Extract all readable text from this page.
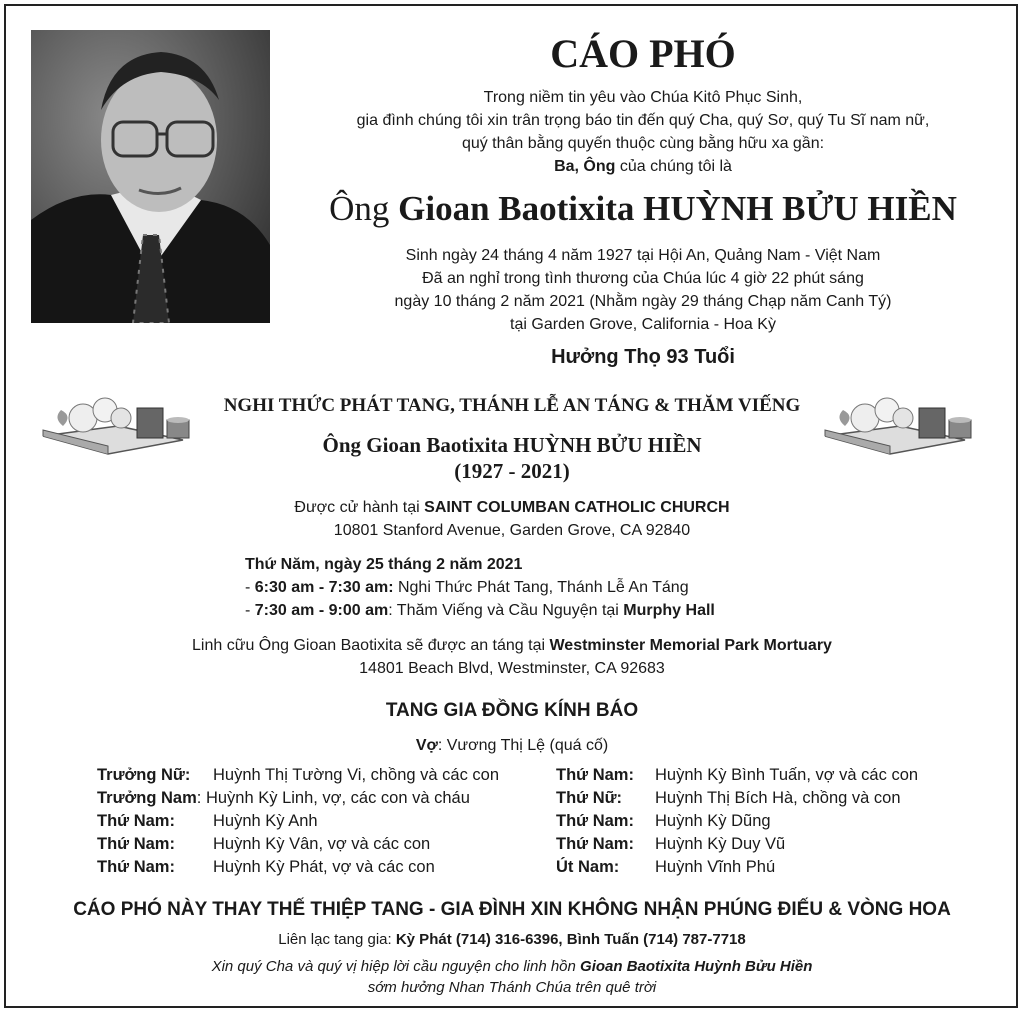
CÁO PHÓ
Trong niềm tin yêu vào Chúa Kitô Phục Sinh,
gia đình chúng tôi xin trân trọng báo tin đến quý Cha, quý Sơ, quý Tu Sĩ nam nữ,
quý thân bằng quyến thuộc cùng bằng hữu xa gần:
Ba, Ông của chúng tôi là
Ông Gioan Baotixita HUỲNH BỬU HIỀN
Sinh ngày 24 tháng 4 năm 1927 tại Hội An, Quảng Nam - Việt Nam
Đã an nghỉ trong tình thương của Chúa lúc 4 giờ 22 phút sáng
ngày 10 tháng 2 năm 2021 (Nhằm ngày 29 tháng Chạp năm Canh Tý)
tại Garden Grove, California - Hoa Kỳ
Hưởng Thọ 93 Tuổi
NGHI THỨC PHÁT TANG, THÁNH LỄ AN TÁNG & THĂM VIẾNG
Ông Gioan Baotixita HUỲNH BỬU HIỀN
(1927 - 2021)
Được cử hành tại SAINT COLUMBAN CATHOLIC CHURCH
10801 Stanford Avenue, Garden Grove, CA 92840
Thứ Năm, ngày 25 tháng 2 năm 2021
- 6:30 am - 7:30 am: Nghi Thức Phát Tang, Thánh Lễ An Táng
- 7:30 am - 9:00 am: Thăm Viếng và Cầu Nguyện tại Murphy Hall
Linh cữu Ông Gioan Baotixita sẽ được an táng tại Westminster Memorial Park Mortuary
14801 Beach Blvd, Westminster, CA 92683
TANG GIA ĐỒNG KÍNH BÁO
Vợ: Vương Thị Lệ (quá cố)
Trưởng Nữ: Huỳnh Thị Tường Vi, chồng và các con
Trưởng Nam: Huỳnh Kỳ Linh, vợ, các con và cháu
Thứ Nam: Huỳnh Kỳ Anh
Thứ Nam: Huỳnh Kỳ Vân, vợ và các con
Thứ Nam: Huỳnh Kỳ Phát, vợ và các con
Thứ Nam: Huỳnh Kỳ Bình Tuấn, vợ và các con
Thứ Nữ: Huỳnh Thị Bích Hà, chồng và con
Thứ Nam: Huỳnh Kỳ Dũng
Thứ Nam: Huỳnh Kỳ Duy Vũ
Út Nam: Huỳnh Vĩnh Phú
CÁO PHÓ NÀY THAY THẾ THIỆP TANG - GIA ĐÌNH XIN KHÔNG NHẬN PHÚNG ĐIẾU & VÒNG HOA
Liên lạc tang gia: Kỳ Phát (714) 316-6396, Bình Tuấn (714) 787-7718
Xin quý Cha và quý vị hiệp lời cầu nguyện cho linh hồn Gioan Baotixita Huỳnh Bửu Hiền
sớm hưởng Nhan Thánh Chúa trên quê trời
